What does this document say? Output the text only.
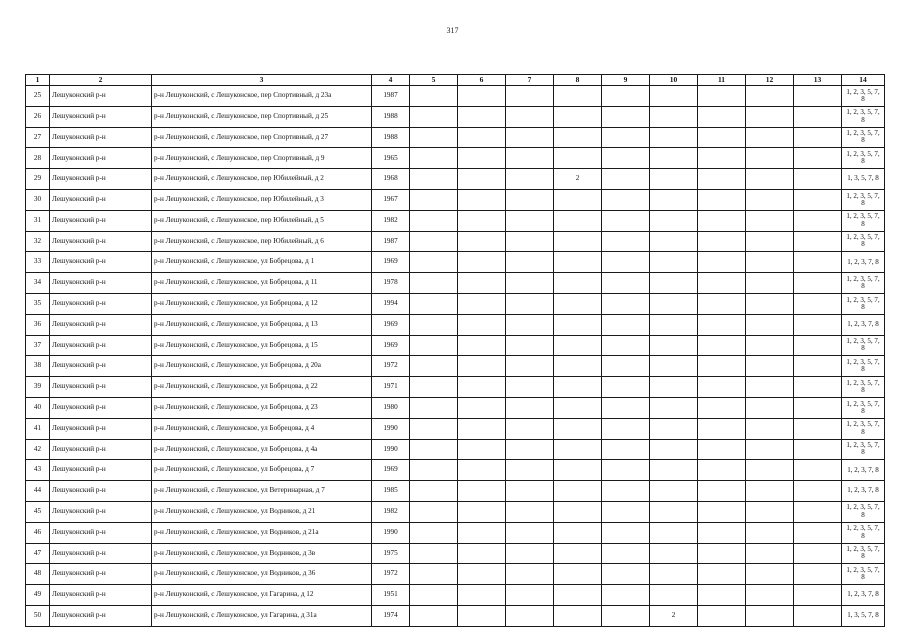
317
1	2	3	4	5	6	7	8	9	10	11	12	13	14
25	Лешуконский р-н	р-н Лешуконский, с Лешуконское, пер Спортивный, д 23а	1987										1, 2, 3, 5, 7, 8
26	Лешуконский р-н	р-н Лешуконский, с Лешуконское, пер Спортивный, д 25	1988										1, 2, 3, 5, 7, 8
27	Лешуконский р-н	р-н Лешуконский, с Лешуконское, пер Спортивный, д 27	1988										1, 2, 3, 5, 7, 8
28	Лешуконский р-н	р-н Лешуконский, с Лешуконское, пер Спортивный, д 9	1965										1, 2, 3, 5, 7, 8
29	Лешуконский р-н	р-н Лешуконский, с Лешуконское, пер Юбилейный, д 2	1968				2						1, 3, 5, 7, 8
30	Лешуконский р-н	р-н Лешуконский, с Лешуконское, пер Юбилейный, д 3	1967										1, 2, 3, 5, 7, 8
31	Лешуконский р-н	р-н Лешуконский, с Лешуконское, пер Юбилейный, д 5	1982										1, 2, 3, 5, 7, 8
32	Лешуконский р-н	р-н Лешуконский, с Лешуконское, пер Юбилейный, д 6	1987										1, 2, 3, 5, 7, 8
33	Лешуконский р-н	р-н Лешуконский, с Лешуконское, ул Бобрецова, д 1	1969										1, 2, 3, 7, 8
34	Лешуконский р-н	р-н Лешуконский, с Лешуконское, ул Бобрецова, д 11	1978										1, 2, 3, 5, 7, 8
35	Лешуконский р-н	р-н Лешуконский, с Лешуконское, ул Бобрецова, д 12	1994										1, 2, 3, 5, 7, 8
36	Лешуконский р-н	р-н Лешуконский, с Лешуконское, ул Бобрецова, д 13	1969										1, 2, 3, 7, 8
37	Лешуконский р-н	р-н Лешуконский, с Лешуконское, ул Бобрецова, д 15	1969										1, 2, 3, 5, 7, 8
38	Лешуконский р-н	р-н Лешуконский, с Лешуконское, ул Бобрецова, д 20а	1972										1, 2, 3, 5, 7, 8
39	Лешуконский р-н	р-н Лешуконский, с Лешуконское, ул Бобрецова, д 22	1971										1, 2, 3, 5, 7, 8
40	Лешуконский р-н	р-н Лешуконский, с Лешуконское, ул Бобрецова, д 23	1980										1, 2, 3, 5, 7, 8
41	Лешуконский р-н	р-н Лешуконский, с Лешуконское, ул Бобрецова, д 4	1990										1, 2, 3, 5, 7, 8
42	Лешуконский р-н	р-н Лешуконский, с Лешуконское, ул Бобрецова, д 4а	1990										1, 2, 3, 5, 7, 8
43	Лешуконский р-н	р-н Лешуконский, с Лешуконское, ул Бобрецова, д 7	1969										1, 2, 3, 7, 8
44	Лешуконский р-н	р-н Лешуконский, с Лешуконское, ул Ветеринарная, д 7	1985										1, 2, 3, 7, 8
45	Лешуконский р-н	р-н Лешуконский, с Лешуконское, ул Водников, д 21	1982										1, 2, 3, 5, 7, 8
46	Лешуконский р-н	р-н Лешуконский, с Лешуконское, ул Водников, д 21а	1990										1, 2, 3, 5, 7, 8
47	Лешуконский р-н	р-н Лешуконский, с Лешуконское, ул Водников, д 3в	1975										1, 2, 3, 5, 7, 8
48	Лешуконский р-н	р-н Лешуконский, с Лешуконское, ул Водников, д 36	1972										1, 2, 3, 5, 7, 8
49	Лешуконский р-н	р-н Лешуконский, с Лешуконское, ул Гагарина, д 12	1951										1, 2, 3, 7, 8
50	Лешуконский р-н	р-н Лешуконский, с Лешуконское, ул Гагарина, д 31а	1974						2				1, 3, 5, 7, 8
